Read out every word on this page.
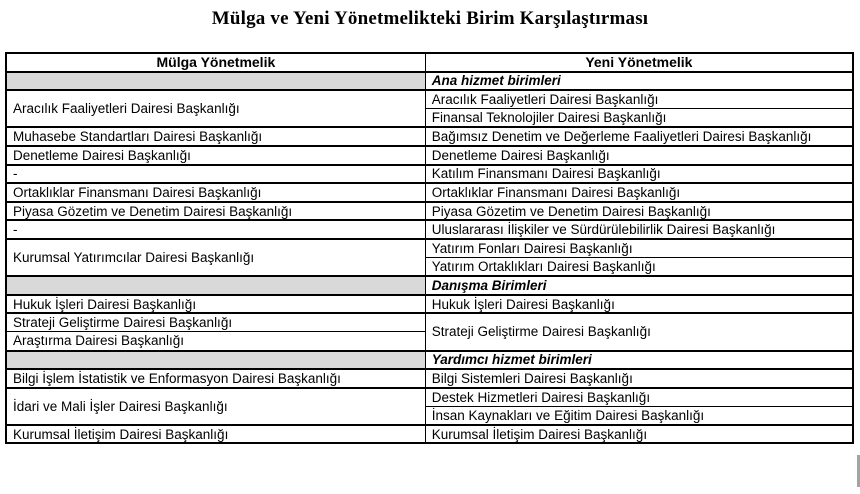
Mülga ve Yeni Yönetmelikteki Birim Karşılaştırması
Mülga Yönetmelik	Yeni Yönetmelik
	Ana hizmet birimleri
Aracılık Faaliyetleri Dairesi Başkanlığı	Aracılık Faaliyetleri Dairesi Başkanlığı
	Finansal Teknolojiler Dairesi Başkanlığı
Muhasebe Standartları Dairesi Başkanlığı	Bağımsız Denetim ve Değerleme Faaliyetleri Dairesi Başkanlığı
Denetleme Dairesi Başkanlığı	Denetleme Dairesi Başkanlığı
-	Katılım Finansmanı Dairesi Başkanlığı
Ortaklıklar Finansmanı Dairesi Başkanlığı	Ortaklıklar Finansmanı Dairesi Başkanlığı
Piyasa Gözetim ve Denetim Dairesi Başkanlığı	Piyasa Gözetim ve Denetim Dairesi Başkanlığı
-	Uluslararası İlişkiler ve Sürdürülebilirlik Dairesi Başkanlığı
Kurumsal Yatırımcılar Dairesi Başkanlığı	Yatırım Fonları Dairesi Başkanlığı
	Yatırım Ortaklıkları Dairesi Başkanlığı
	Danışma Birimleri
Hukuk İşleri Dairesi Başkanlığı	Hukuk İşleri Dairesi Başkanlığı
Strateji Geliştirme Dairesi Başkanlığı	Strateji Geliştirme Dairesi Başkanlığı
Araştırma Dairesi Başkanlığı	
	Yardımcı hizmet birimleri
Bilgi İşlem İstatistik ve Enformasyon Dairesi Başkanlığı	Bilgi Sistemleri Dairesi Başkanlığı
İdari ve Mali İşler Dairesi Başkanlığı	Destek Hizmetleri Dairesi Başkanlığı
	İnsan Kaynakları ve Eğitim Dairesi Başkanlığı
Kurumsal İletişim Dairesi Başkanlığı	Kurumsal İletişim Dairesi Başkanlığı
